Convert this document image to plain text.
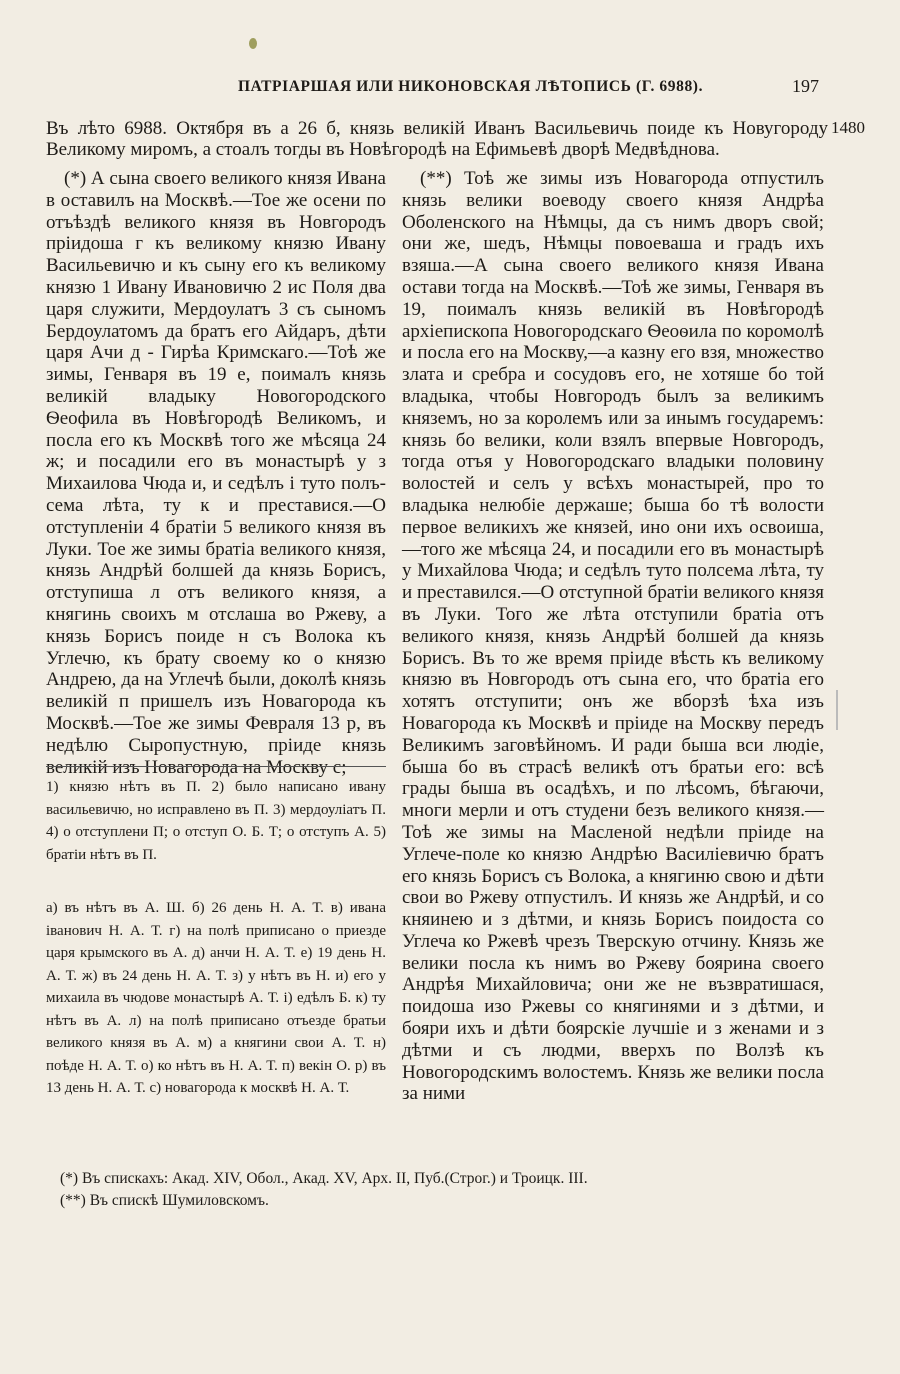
ПАТРІАРШАЯ ИЛИ НИКОНОВСКАЯ ЛѢТОПИСЬ (Г. 6988).	197
Въ лѣто 6988. Октября въ а 26 б, князь великій Иванъ Васильевичь поиде къ Новугороду Великому миромъ, а стоалъ тогды въ Новѣгородѣ на Ефимьевѣ дворѣ Медвѣднова.
1480

(*) А сына своего великого князя Ивана в оставилъ на Москвѣ.—Тое же осени по отъѣздѣ великого князя въ Новгородъ пріидоша г къ великому князю Ивану Васильевичю и къ сыну его къ великому князю 1 Ивану Ивановичю 2 ис Поля два царя служити, Мердоулатъ 3 съ сыномъ Бердоулатомъ да братъ его Айдаръ, дѣти царя Ачи д - Гирѣа Кримскаго.—Тоѣ же зимы, Генваря въ 19 е, поималъ князь великій владыку Новогородского Ѳеофила въ Новѣгородѣ Великомъ, и посла его къ Москвѣ того же мѣсяца 24 ж; и посадили его въ монастырѣ у з Михаилова Чюда и, и седѣлъ і туто полъ-сема лѣта, ту к и преставися.—О отступленіи 4 братіи 5 великого князя въ Луки. Тое же зимы братіа великого князя, князь Андрѣй болшей да князь Борисъ, отступиша л отъ великого князя, а княгинь своихъ м отслаша во Ржеву, а князь Борисъ поиде н съ Волока къ Углечю, къ брату своему ко о князю Андрею, да на Углечѣ были, доколѣ князь великій п пришелъ изъ Новагорода къ Москвѣ.—Тое же зимы Февраля 13 р, въ недѣлю Сыропустную, пріиде князь великій изъ Новагорода на Москву с;

(**) Тоѣ же зимы изъ Новагорода отпустилъ князь велики воеводу своего князя Андрѣа Оболенского на Нѣмцы, да съ нимъ дворъ свой; они же, шедъ, Нѣмцы повоеваша и градъ ихъ взяша.—А сына своего великого князя Ивана остави тогда на Москвѣ.—Тоѣ же зимы, Генваря въ 19, поималъ князь великій въ Новѣгородѣ архіепископа Новогородскаго Ѳеоѳила по коромолѣ и посла его на Москву,—а казну его взя, множество злата и сребра и сосудовъ его, не хотяше бо той владыка, чтобы Новгородъ былъ за великимъ княземъ, но за королемъ или за инымъ государемъ: князь бо велики, коли взялъ впервые Новгородъ, тогда отъя у Новогородскаго владыки половину волостей и селъ у всѣхъ монастырей, про то владыка нелюбіе держаше; быша бо тѣ волости первое великихъ же князей, ино они ихъ освоиша,—того же мѣсяца 24, и посадили его въ монастырѣ у Михайлова Чюда; и седѣлъ туто полсема лѣта, ту и преставился.—О отступной братіи великого князя въ Луки. Того же лѣта отступили братіа отъ великого князя, князь Андрѣй болшей да князь Борисъ. Въ то же время пріиде вѣсть къ великому князю въ Новгородъ отъ сына его, что братіа его хотятъ отступити; онъ же вборзѣ ѣха изъ Новагорода къ Москвѣ и пріиде на Москву передъ Великимъ заговѣйномъ. И ради быша вси людіе, быша бо въ страсѣ великѣ отъ братьи его: всѣ грады быша въ осадѣхъ, и по лѣсомъ, бѣгаючи, многи мерли и отъ студени безъ великого князя.—Тоѣ же зимы на Масленой недѣли пріиде на Углече-поле ко князю Андрѣю Василіевичю братъ его князь Борисъ съ Волока, а княгиню свою и дѣти свои во Ржеву отпустилъ. И князь же Андрѣй, и со княинею и з дѣтми, и князь Борисъ поидоста со Углеча ко Ржевѣ чрезъ Тверскую отчину. Князь же велики посла къ нимъ во Ржеву боярина своего Андрѣя Михайловича; они же не възвратишася, поидоша изо Ржевы со княгинями и з дѣтми, и бояри ихъ и дѣти боярскіе лучшіе и з женами и з дѣтми и съ людми, вверхъ по Волзѣ къ Новогородскимъ волостемъ. Князь же велики посла за ними

1) князю нѣтъ въ П. 2) было написано ивану васильевичю, но исправлено въ П. 3) мердоуліатъ П. 4) о отступлени П; о отступ О. Б. Т; о отступъ А. 5) братіи нѣтъ въ П.

а) въ нѣтъ въ А. Ш. б) 26 день Н. А. Т. в) ивана іванович Н. А. Т. г) на полѣ приписано о приезде царя крымского въ А. д) анчи Н. А. Т. е) 19 день Н. А. Т. ж) въ 24 день Н. А. Т. з) у нѣтъ въ Н. и) его у михаила въ чюдове монастырѣ А. Т. і) едѣлъ Б. к) ту нѣтъ въ А. л) на полѣ приписано отъезде братьи великого князя въ А. м) а княгини свои А. Т. н) поѣде Н. А. Т. о) ко нѣтъ въ Н. А. Т. п) векін О. р) въ 13 день Н. А. Т. с) новагорода к москвѣ Н. А. Т.

(*) Въ спискахъ: Акад. XIV, Обол., Акад. XV, Арх. II, Пуб.(Строг.) и Троицк. III.
(**) Въ спискѣ Шумиловскомъ.
